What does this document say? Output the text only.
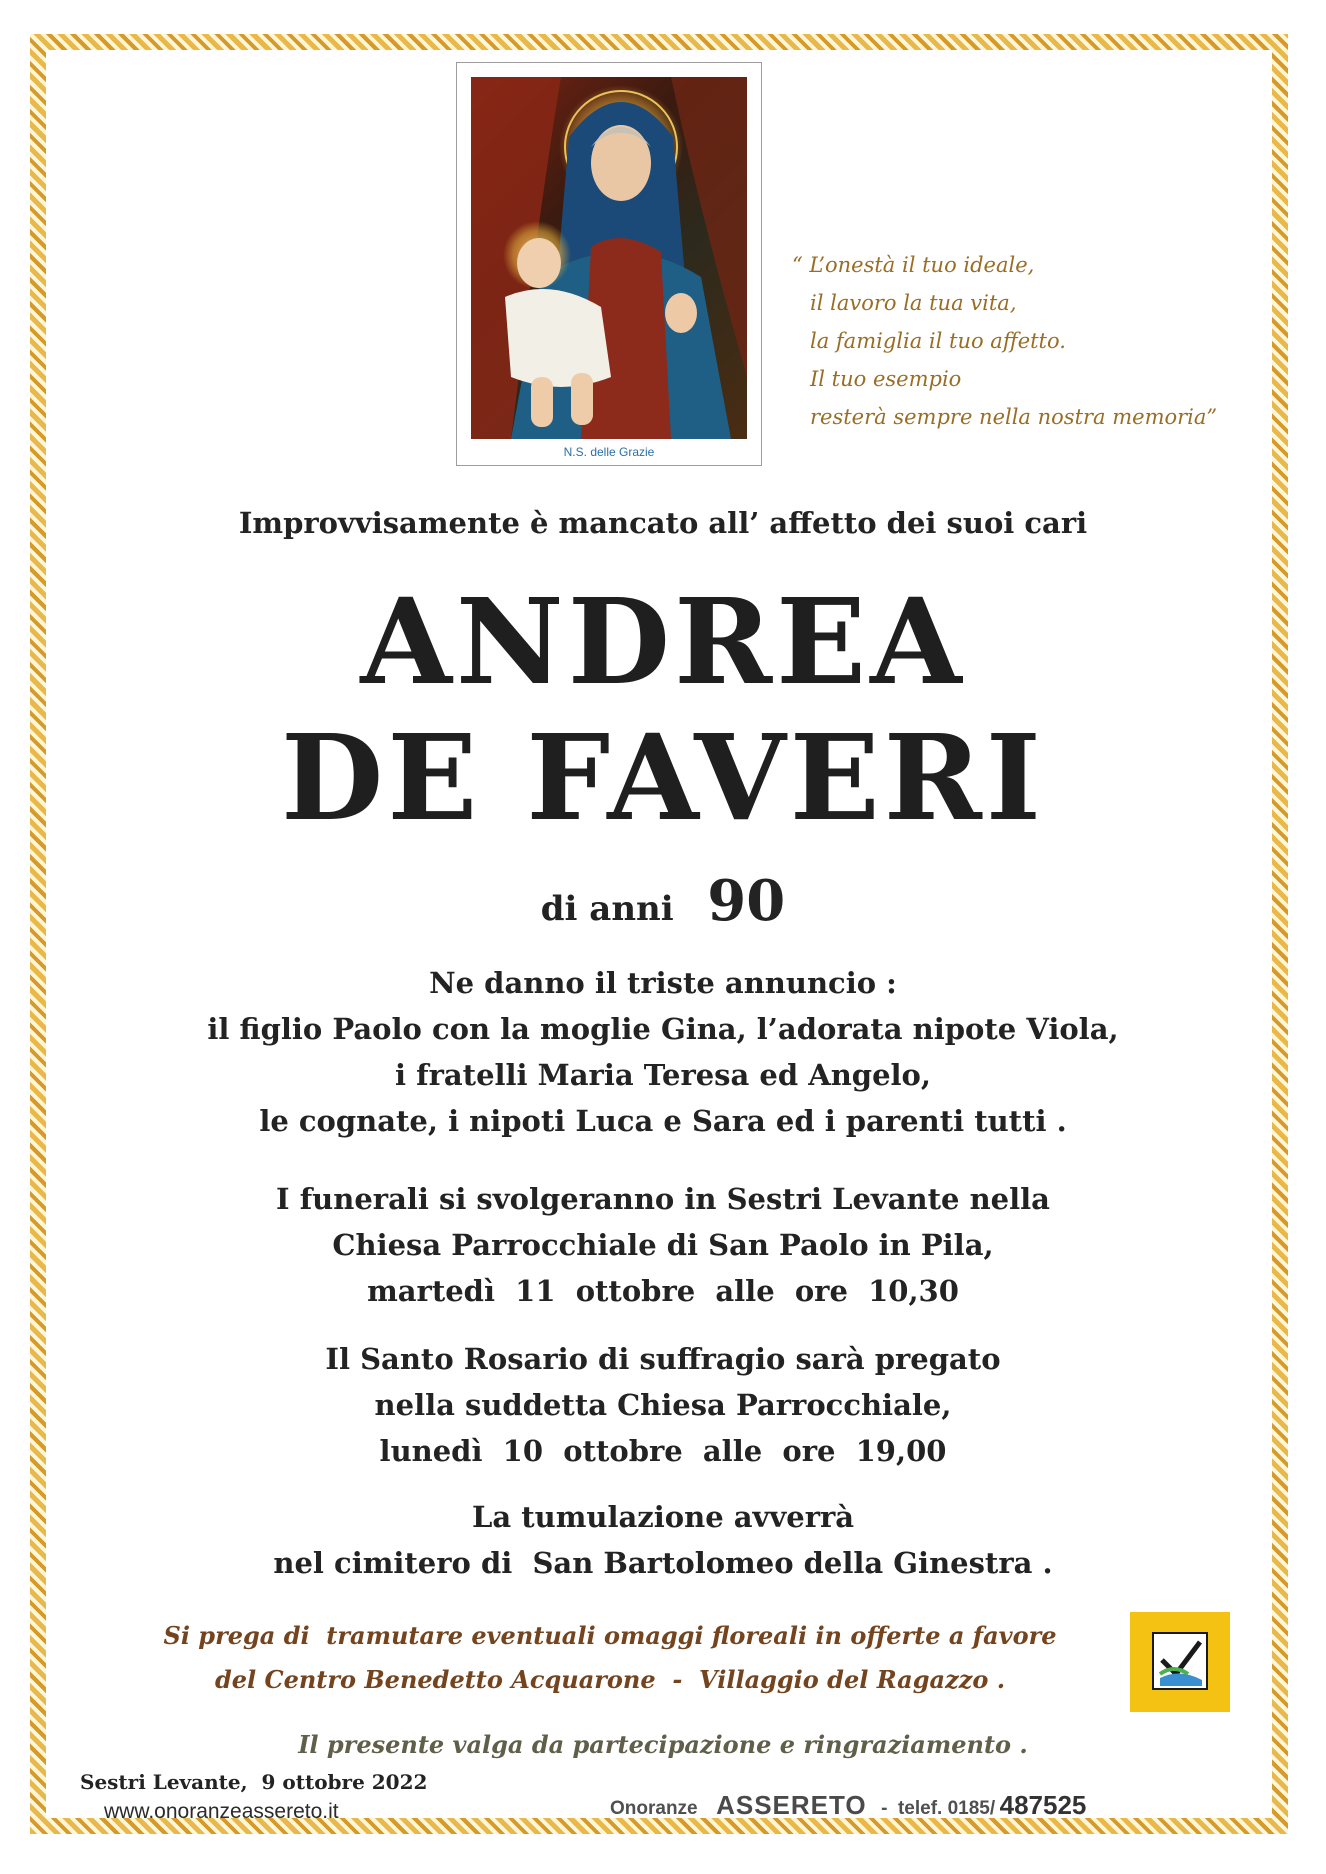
N.S. delle Grazie
“ L’onestà il tuo ideale,
il lavoro la tua vita,
la famiglia il tuo affetto.
Il tuo esempio
resterà sempre nella nostra memoria”
Improvvisamente è mancato all’ affetto dei suoi cari
ANDREA
DE FAVERI
di anni 90
Ne danno il triste annuncio :
il figlio Paolo con la moglie Gina, l’adorata nipote Viola,
i fratelli Maria Teresa ed Angelo,
le cognate, i nipoti Luca e Sara ed i parenti tutti .
I funerali si svolgeranno in Sestri Levante nella
Chiesa Parrocchiale di San Paolo in Pila,
martedì  11  ottobre  alle  ore  10,30
Il Santo Rosario di suffragio sarà pregato
nella suddetta Chiesa Parrocchiale,
lunedì  10  ottobre  alle  ore  19,00
La tumulazione avverrà
nel cimitero di  San Bartolomeo della Ginestra .
Si prega di  tramutare eventuali omaggi floreali in offerte a favore
del Centro Benedetto Acquarone  -  Villaggio del Ragazzo .
Il presente valga da partecipazione e ringraziamento .
Sestri Levante,  9 ottobre 2022
www.onoranzeassereto.it	Onoranze ASSERETO -  telef. 0185/ 487525
